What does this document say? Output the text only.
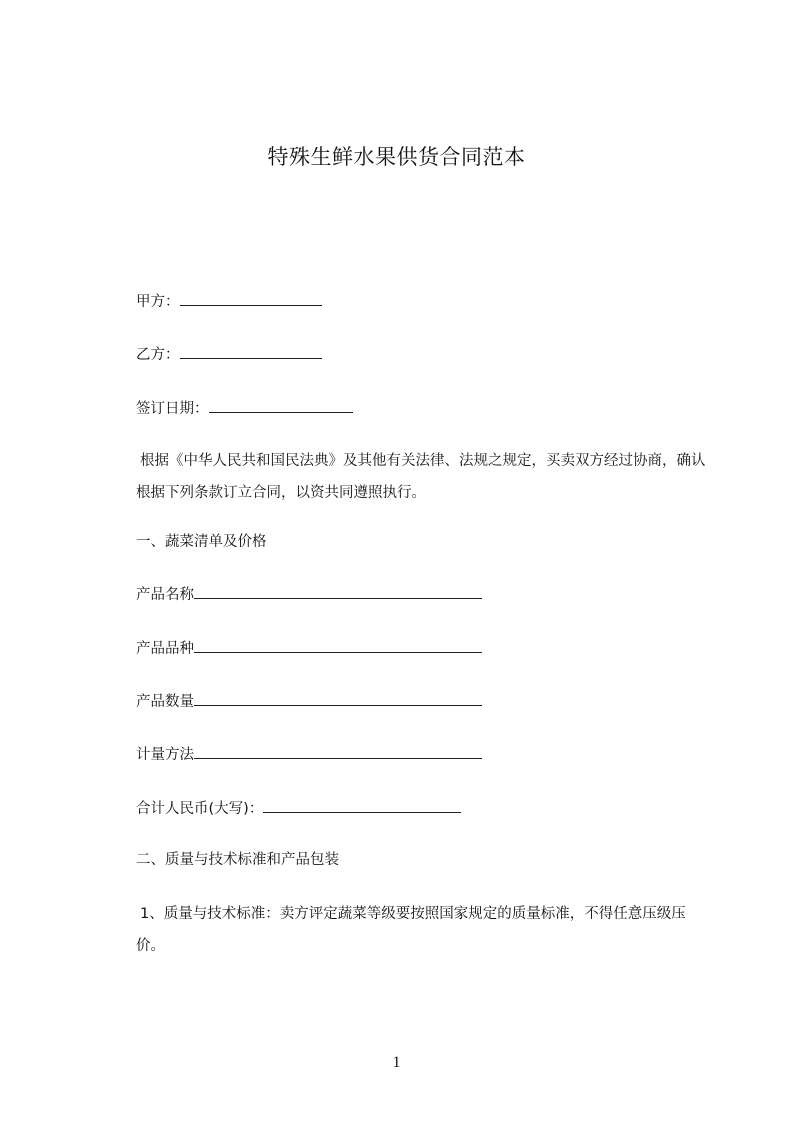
特殊生鲜水果供货合同范本
甲方：
乙方：
签订日期：
根据《中华人民共和国民法典》及其他有关法律、法规之规定，买卖双方经过协商，确认根据下列条款订立合同，以资共同遵照执行。
一、蔬菜清单及价格
产品名称
产品品种
产品数量
计量方法
合计人民币(大写)：
二、质量与技术标准和产品包装
1、质量与技术标准：卖方评定蔬菜等级要按照国家规定的质量标准，不得任意压级压价。
1
